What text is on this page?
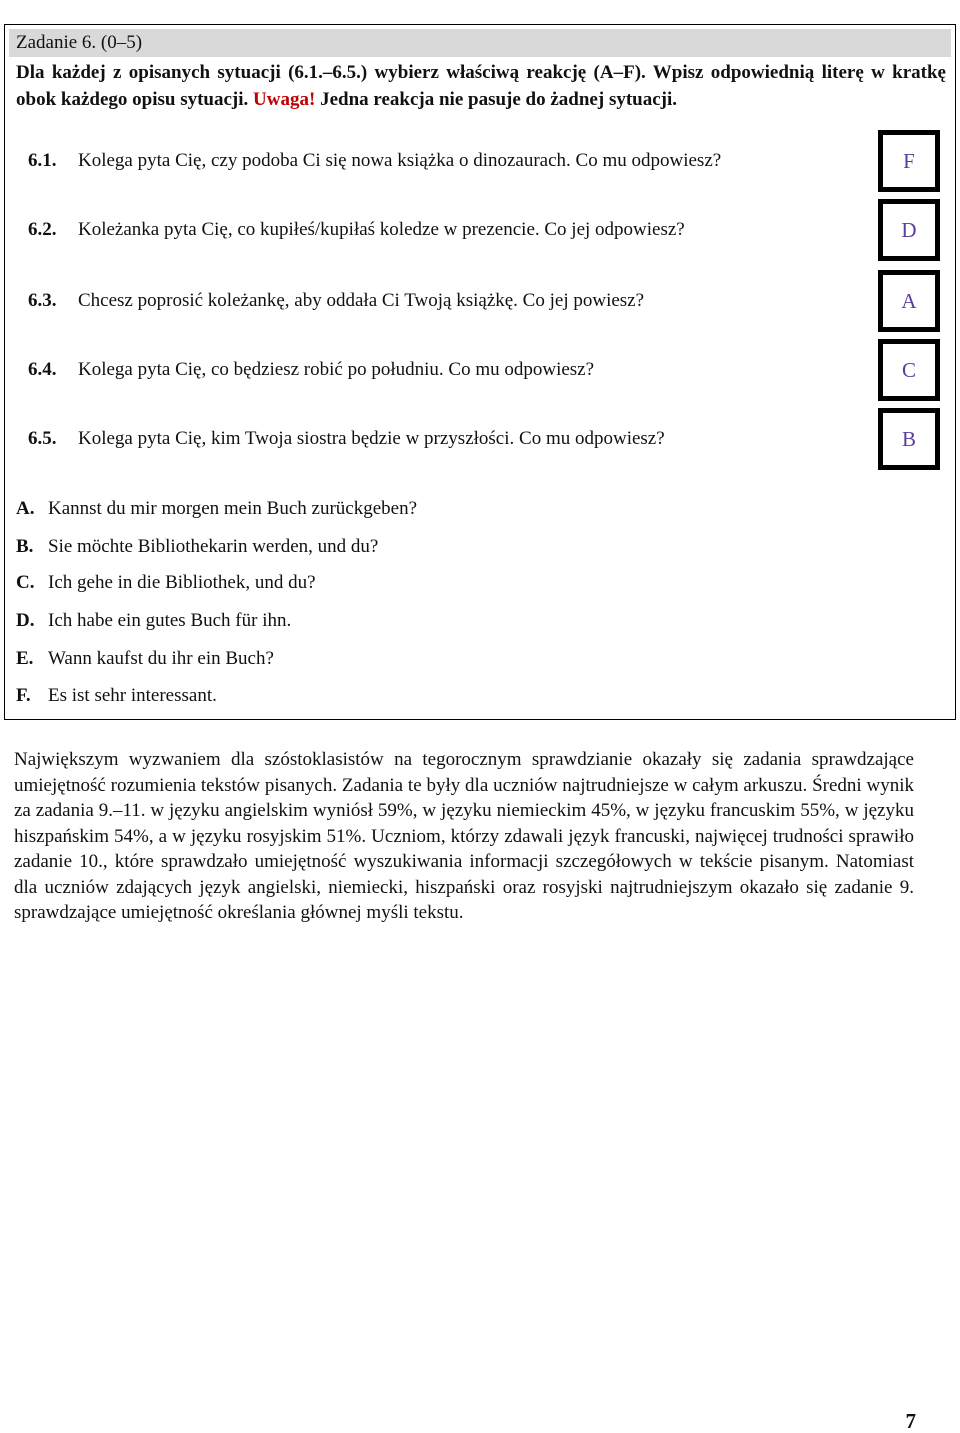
Zadanie 6. (0–5)
Dla każdej z opisanych sytuacji (6.1.–6.5.) wybierz właściwą reakcję (A–F). Wpisz odpowiednią literę w kratkę obok każdego opisu sytuacji. Uwaga! Jedna reakcja nie pasuje do żadnej sytuacji.
6.1. Kolega pyta Cię, czy podoba Ci się nowa książka o dinozaurach. Co mu odpowiesz?	F
6.2. Koleżanka pyta Cię, co kupiłeś/kupiłaś koledze w prezencie. Co jej odpowiesz?	D
6.3. Chcesz poprosić koleżankę, aby oddała Ci Twoją książkę. Co jej powiesz?	A
6.4. Kolega pyta Cię, co będziesz robić po południu. Co mu odpowiesz?	C
6.5. Kolega pyta Cię, kim Twoja siostra będzie w przyszłości. Co mu odpowiesz?	B
A. Kannst du mir morgen mein Buch zurückgeben?
B. Sie möchte Bibliothekarin werden, und du?
C. Ich gehe in die Bibliothek, und du?
D. Ich habe ein gutes Buch für ihn.
E. Wann kaufst du ihr ein Buch?
F. Es ist sehr interessant.
Największym wyzwaniem dla szóstoklasistów na tegorocznym sprawdzianie okazały się zadania sprawdzające umiejętność rozumienia tekstów pisanych. Zadania te były dla uczniów najtrudniejsze w całym arkuszu. Średni wynik za zadania 9.–11. w języku angielskim wyniósł 59%, w języku niemieckim 45%, w języku francuskim 55%, w języku hiszpańskim 54%, a w języku rosyjskim 51%. Uczniom, którzy zdawali język francuski, najwięcej trudności sprawiło zadanie 10., które sprawdzało umiejętność wyszukiwania informacji szczegółowych w tekście pisanym. Natomiast dla uczniów zdających język angielski, niemiecki, hiszpański oraz rosyjski najtrudniejszym okazało się zadanie 9. sprawdzające umiejętność określania głównej myśli tekstu.
7
